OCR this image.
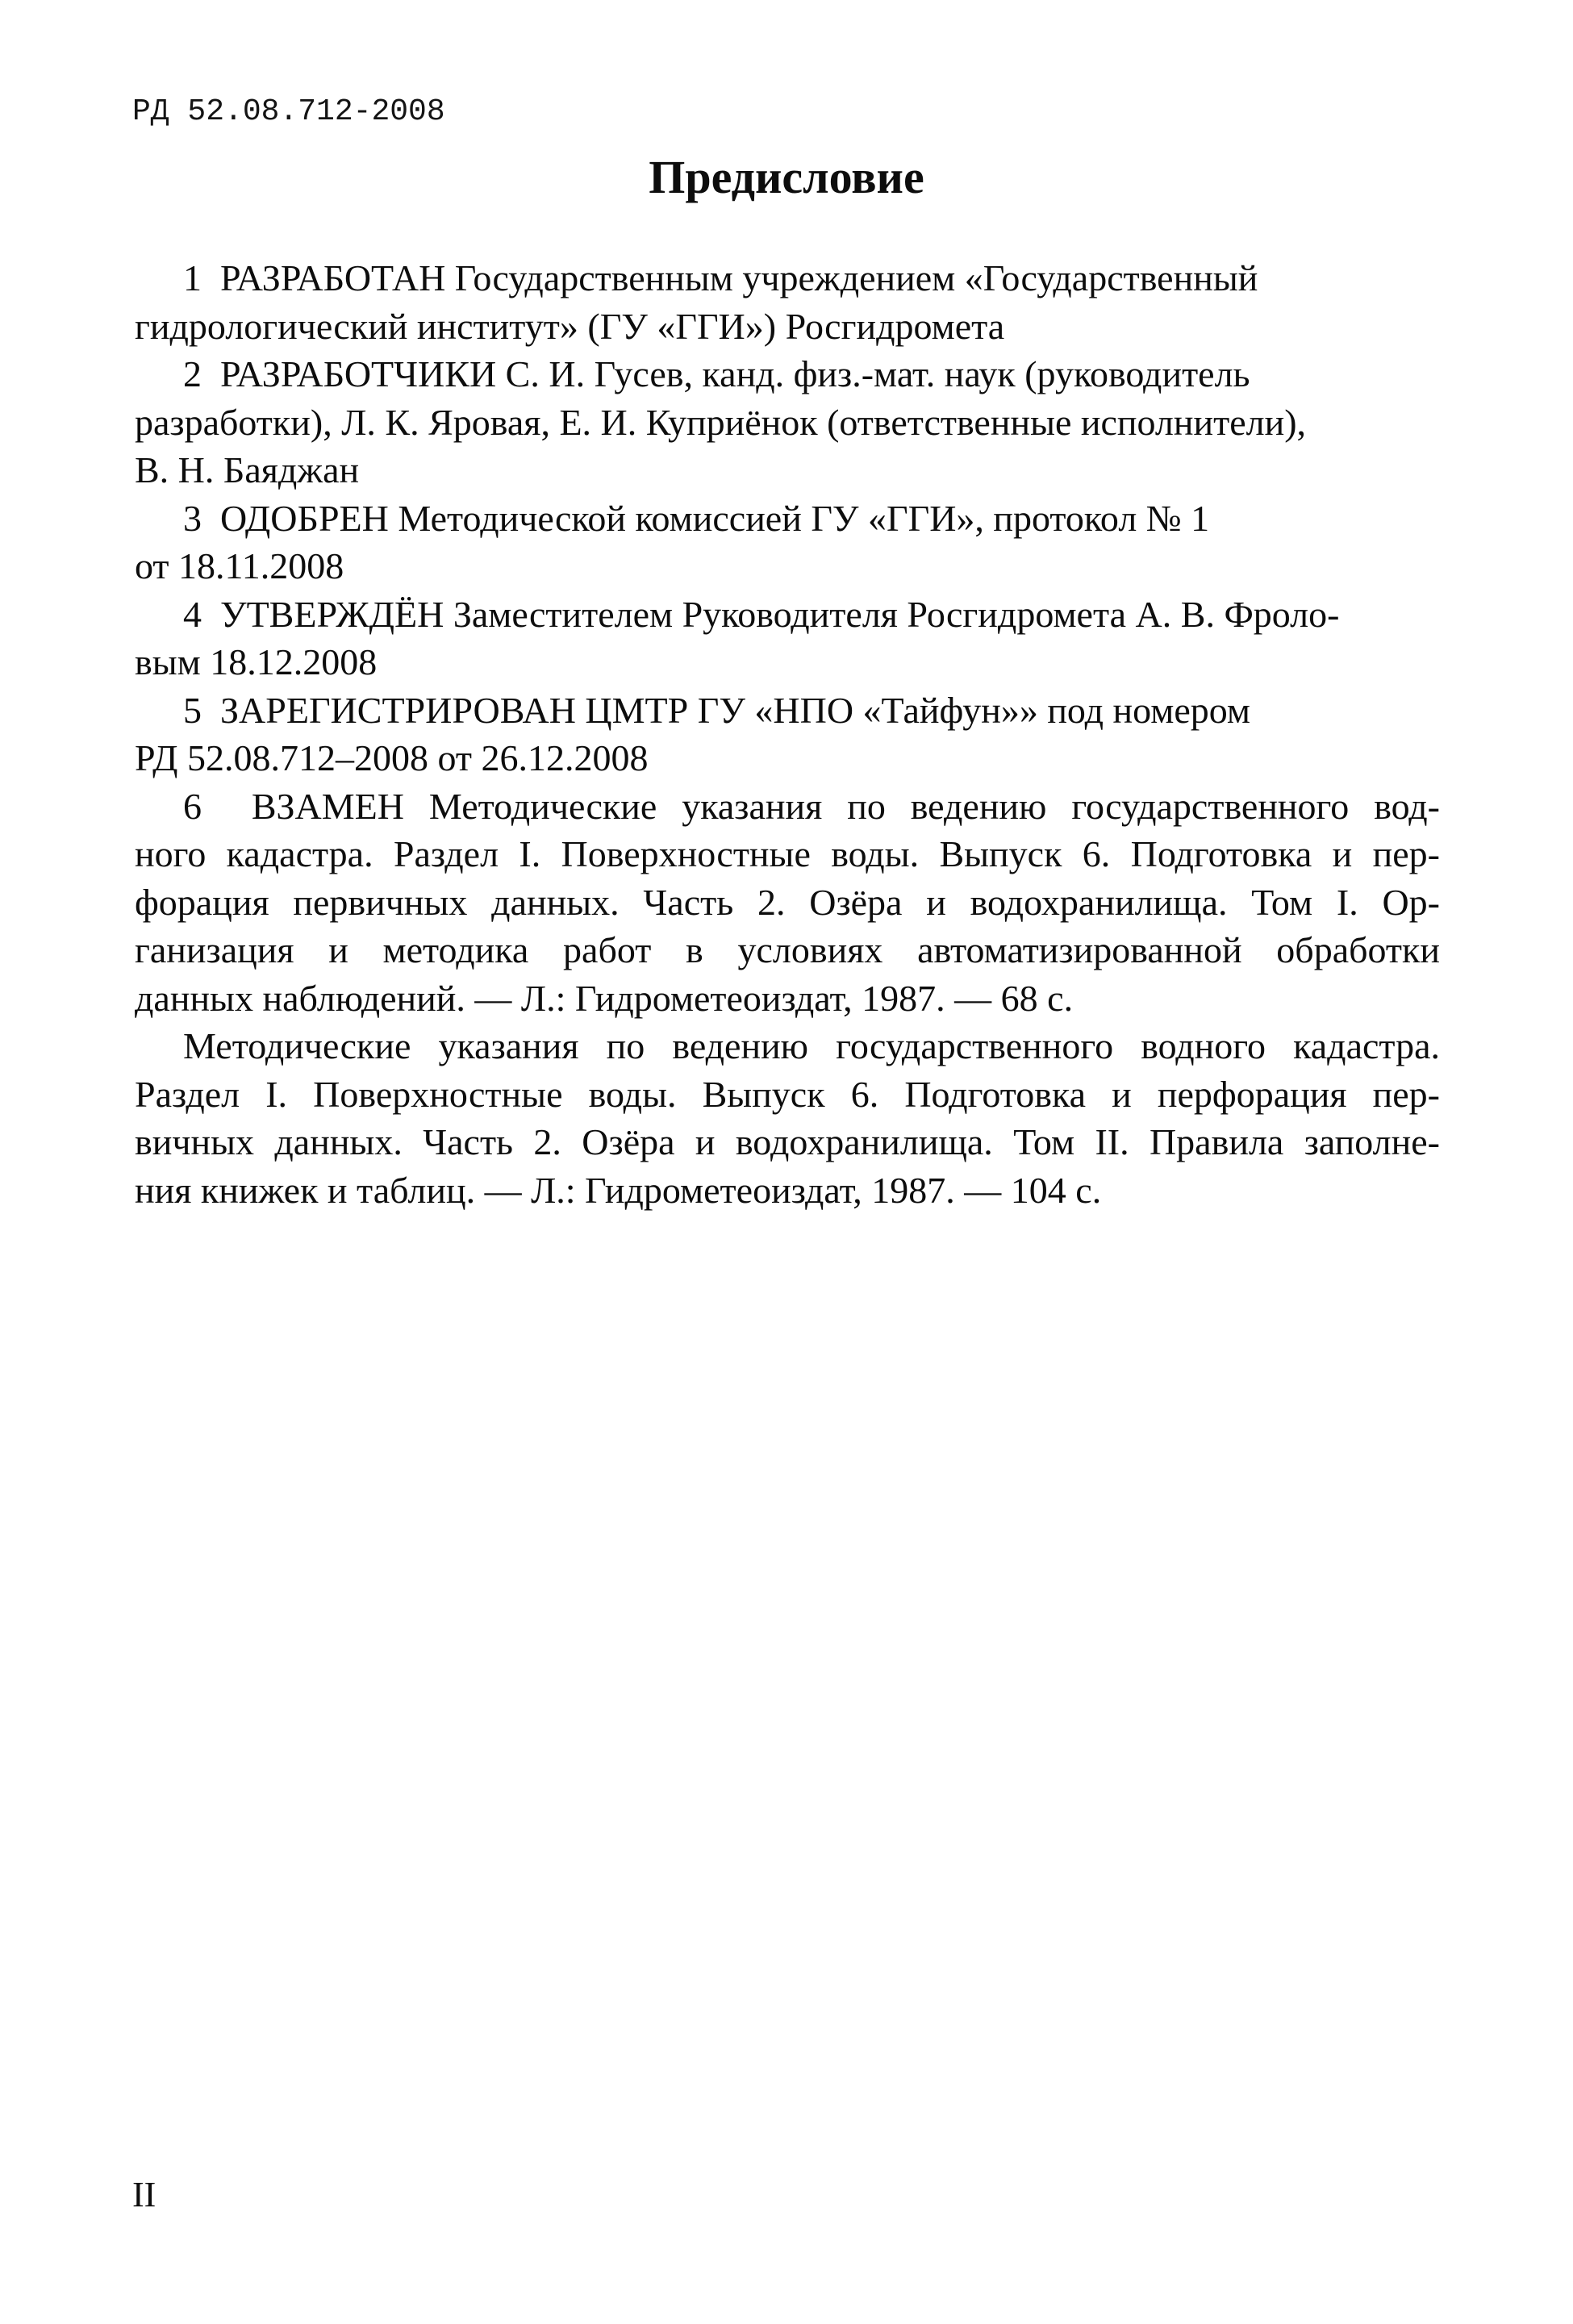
РД 52.08.712-2008
Предисловие
1  РАЗРАБОТАН Государственным учреждением «Государственный
гидрологический институт» (ГУ «ГГИ») Росгидромета
2  РАЗРАБОТЧИКИ С. И. Гусев, канд. физ.-мат. наук (руководитель
разработки), Л. К. Яровая, Е. И. Куприёнок (ответственные исполнители),
В. Н. Баяджан
3  ОДОБРЕН Методической комиссией ГУ «ГГИ», протокол № 1
от 18.11.2008
4  УТВЕРЖДЁН Заместителем Руководителя Росгидромета А. В. Фроло-
вым 18.12.2008
5  ЗАРЕГИСТРИРОВАН ЦМТР ГУ «НПО «Тайфун»» под номером
РД 52.08.712–2008 от 26.12.2008
6  ВЗАМЕН Методические указания по ведению государственного вод-
ного кадастра. Раздел I. Поверхностные воды. Выпуск 6. Подготовка и пер-
форация первичных данных. Часть 2. Озёра и водохранилища. Том I. Ор-
ганизация и методика работ в условиях автоматизированной обработки
данных наблюдений. — Л.: Гидрометеоиздат, 1987. — 68 с.
Методические указания по ведению государственного водного кадастра.
Раздел I. Поверхностные воды. Выпуск 6. Подготовка и перфорация пер-
вичных данных. Часть 2. Озёра и водохранилища. Том II. Правила заполне-
ния книжек и таблиц. — Л.: Гидрометеоиздат, 1987. — 104 с.
II
